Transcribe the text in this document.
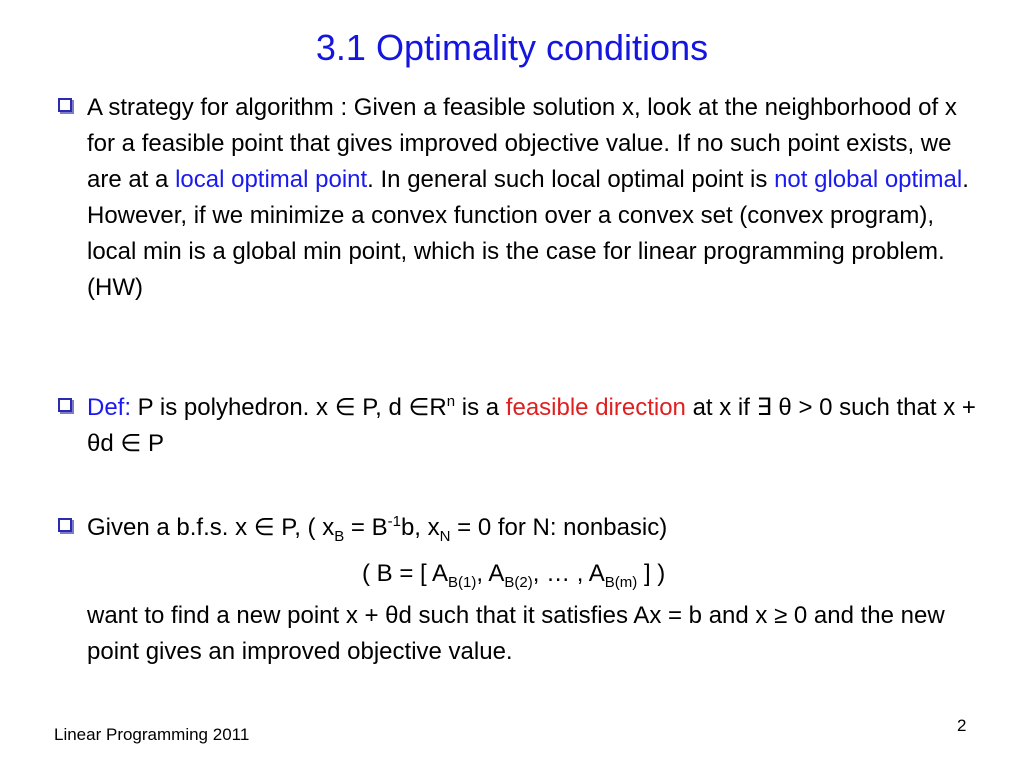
3.1 Optimality conditions
A strategy for algorithm : Given a feasible solution x, look at the neighborhood of x for a feasible point that gives improved objective value. If no such point exists, we are at a local optimal point. In general such local optimal point is not global optimal. However, if we minimize a convex function over a convex set (convex program), local min is a global min point, which is the case for linear programming problem. (HW)
Def: P is polyhedron. x ∈ P, d $\in R^n$ is a feasible direction at x if ∃ θ > 0 such that x + θd ∈ P
Given a b.f.s. x ∈ P, ( $x_B = B^{-1}b$, $x_N = 0$ for N: nonbasic)
( B = [ $A_{B(1)}$, $A_{B(2)}$, … , $A_{B(m)}$ ] )
want to find a new point x + θd such that it satisfies Ax = b and x ≥ 0 and the new point gives an improved objective value.
Linear Programming 2011	2
